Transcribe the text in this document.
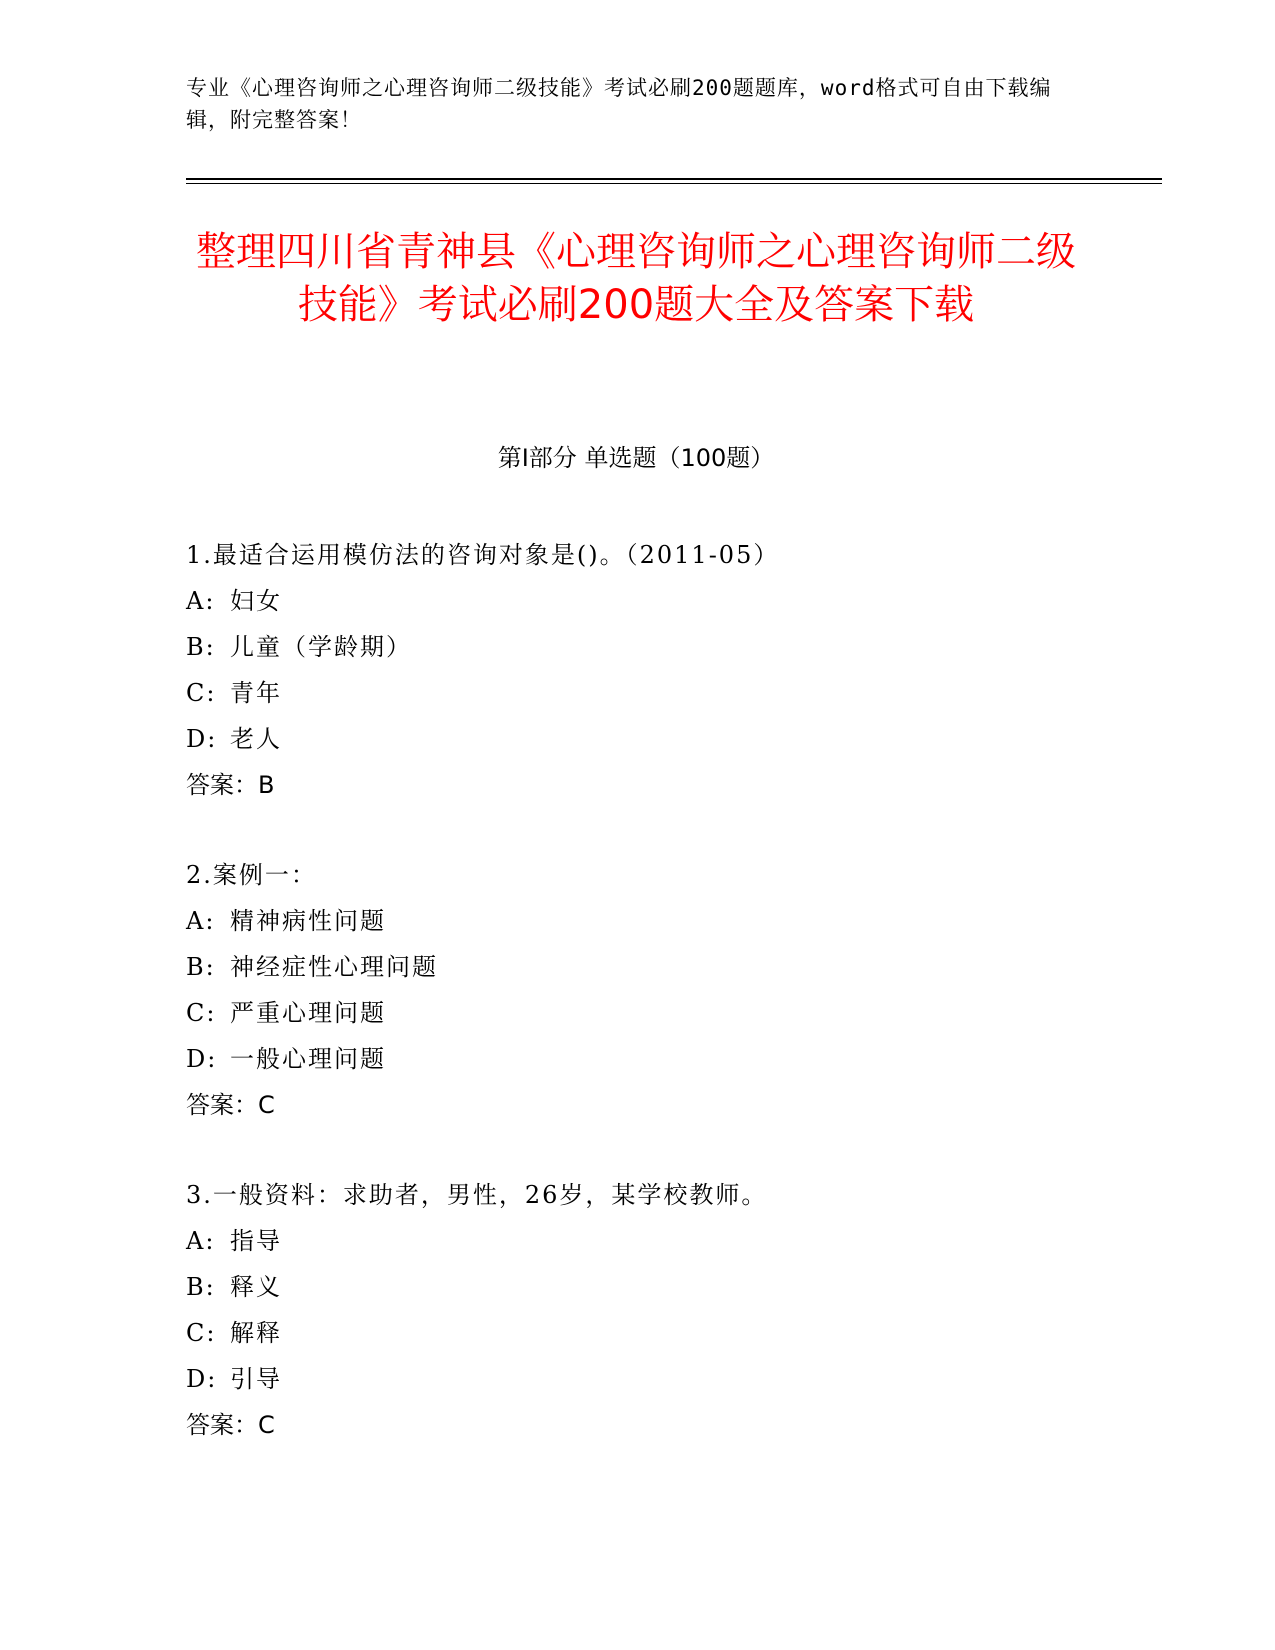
专业《心理咨询师之心理咨询师二级技能》考试必刷200题题库，word格式可自由下载编辑，附完整答案！
整理四川省青神县《心理咨询师之心理咨询师二级技能》考试必刷200题大全及答案下载
第Ⅰ部分 单选题（100题）
1.最适合运用模仿法的咨询对象是()。（2011-05）
A: 妇女
B: 儿童（学龄期）
C: 青年
D: 老人
答案：B
2.案例一：
A: 精神病性问题
B: 神经症性心理问题
C: 严重心理问题
D: 一般心理问题
答案：C
3.一般资料：求助者，男性，26岁，某学校教师。
A: 指导
B: 释义
C: 解释
D: 引导
答案：C
